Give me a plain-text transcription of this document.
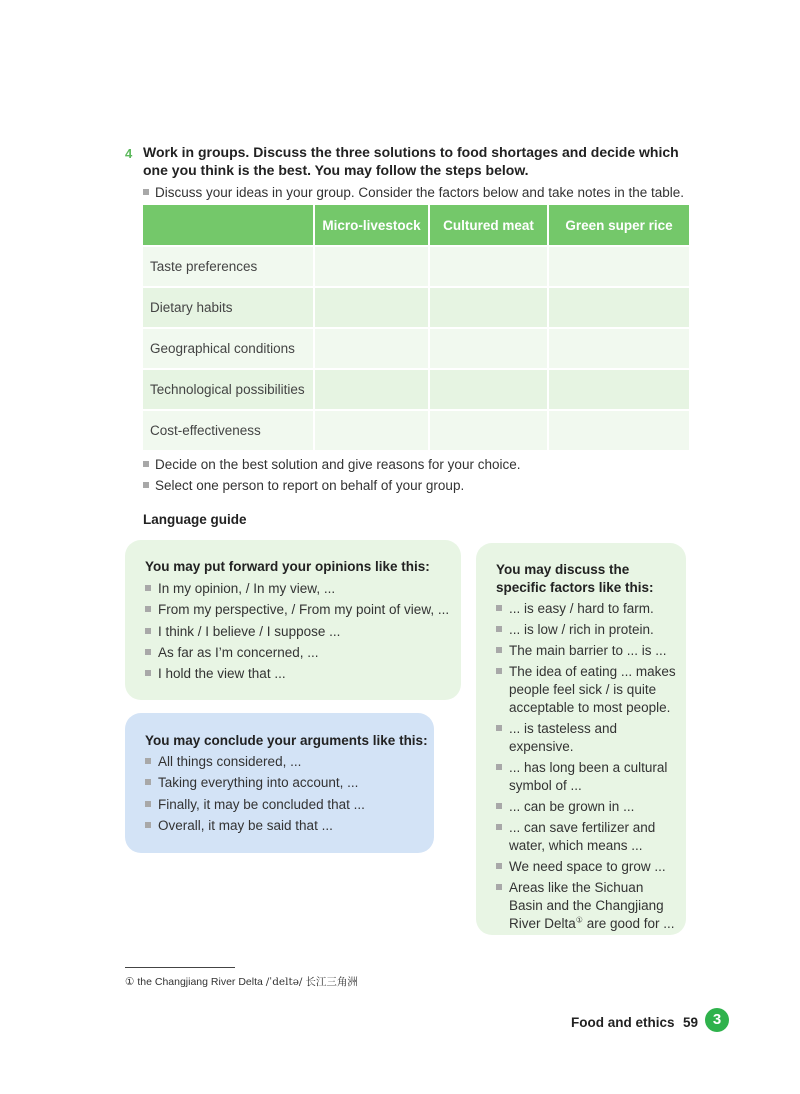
4 Work in groups. Discuss the three solutions to food shortages and decide which one you think is the best. You may follow the steps below.
Discuss your ideas in your group. Consider the factors below and take notes in the table.
	Micro-livestock	Cultured meat	Green super rice
Taste preferences			
Dietary habits			
Geographical conditions			
Technological possibilities			
Cost-effectiveness			
Decide on the best solution and give reasons for your choice.
Select one person to report on behalf of your group.
Language guide
You may put forward your opinions like this:
In my opinion, / In my view, ...
From my perspective, / From my point of view, ...
I think / I believe / I suppose ...
As far as I’m concerned, ...
I hold the view that ...
You may conclude your arguments like this:
All things considered, ...
Taking everything into account, ...
Finally, it may be concluded that ...
Overall, it may be said that ...
You may discuss the
specific factors like this:
... is easy / hard to farm.
... is low / rich in protein.
The main barrier to ... is ...
The idea of eating ... makes people feel sick / is quite acceptable to most people.
... is tasteless and expensive.
... has long been a cultural symbol of ...
... can be grown in ...
... can save fertilizer and water, which means ...
We need space to grow ...
Areas like the Sichuan Basin and the Changjiang River Delta① are good for ...
① the Changjiang River Delta /ˈdeltə/ 长江三角洲
Food and ethics 59 3
